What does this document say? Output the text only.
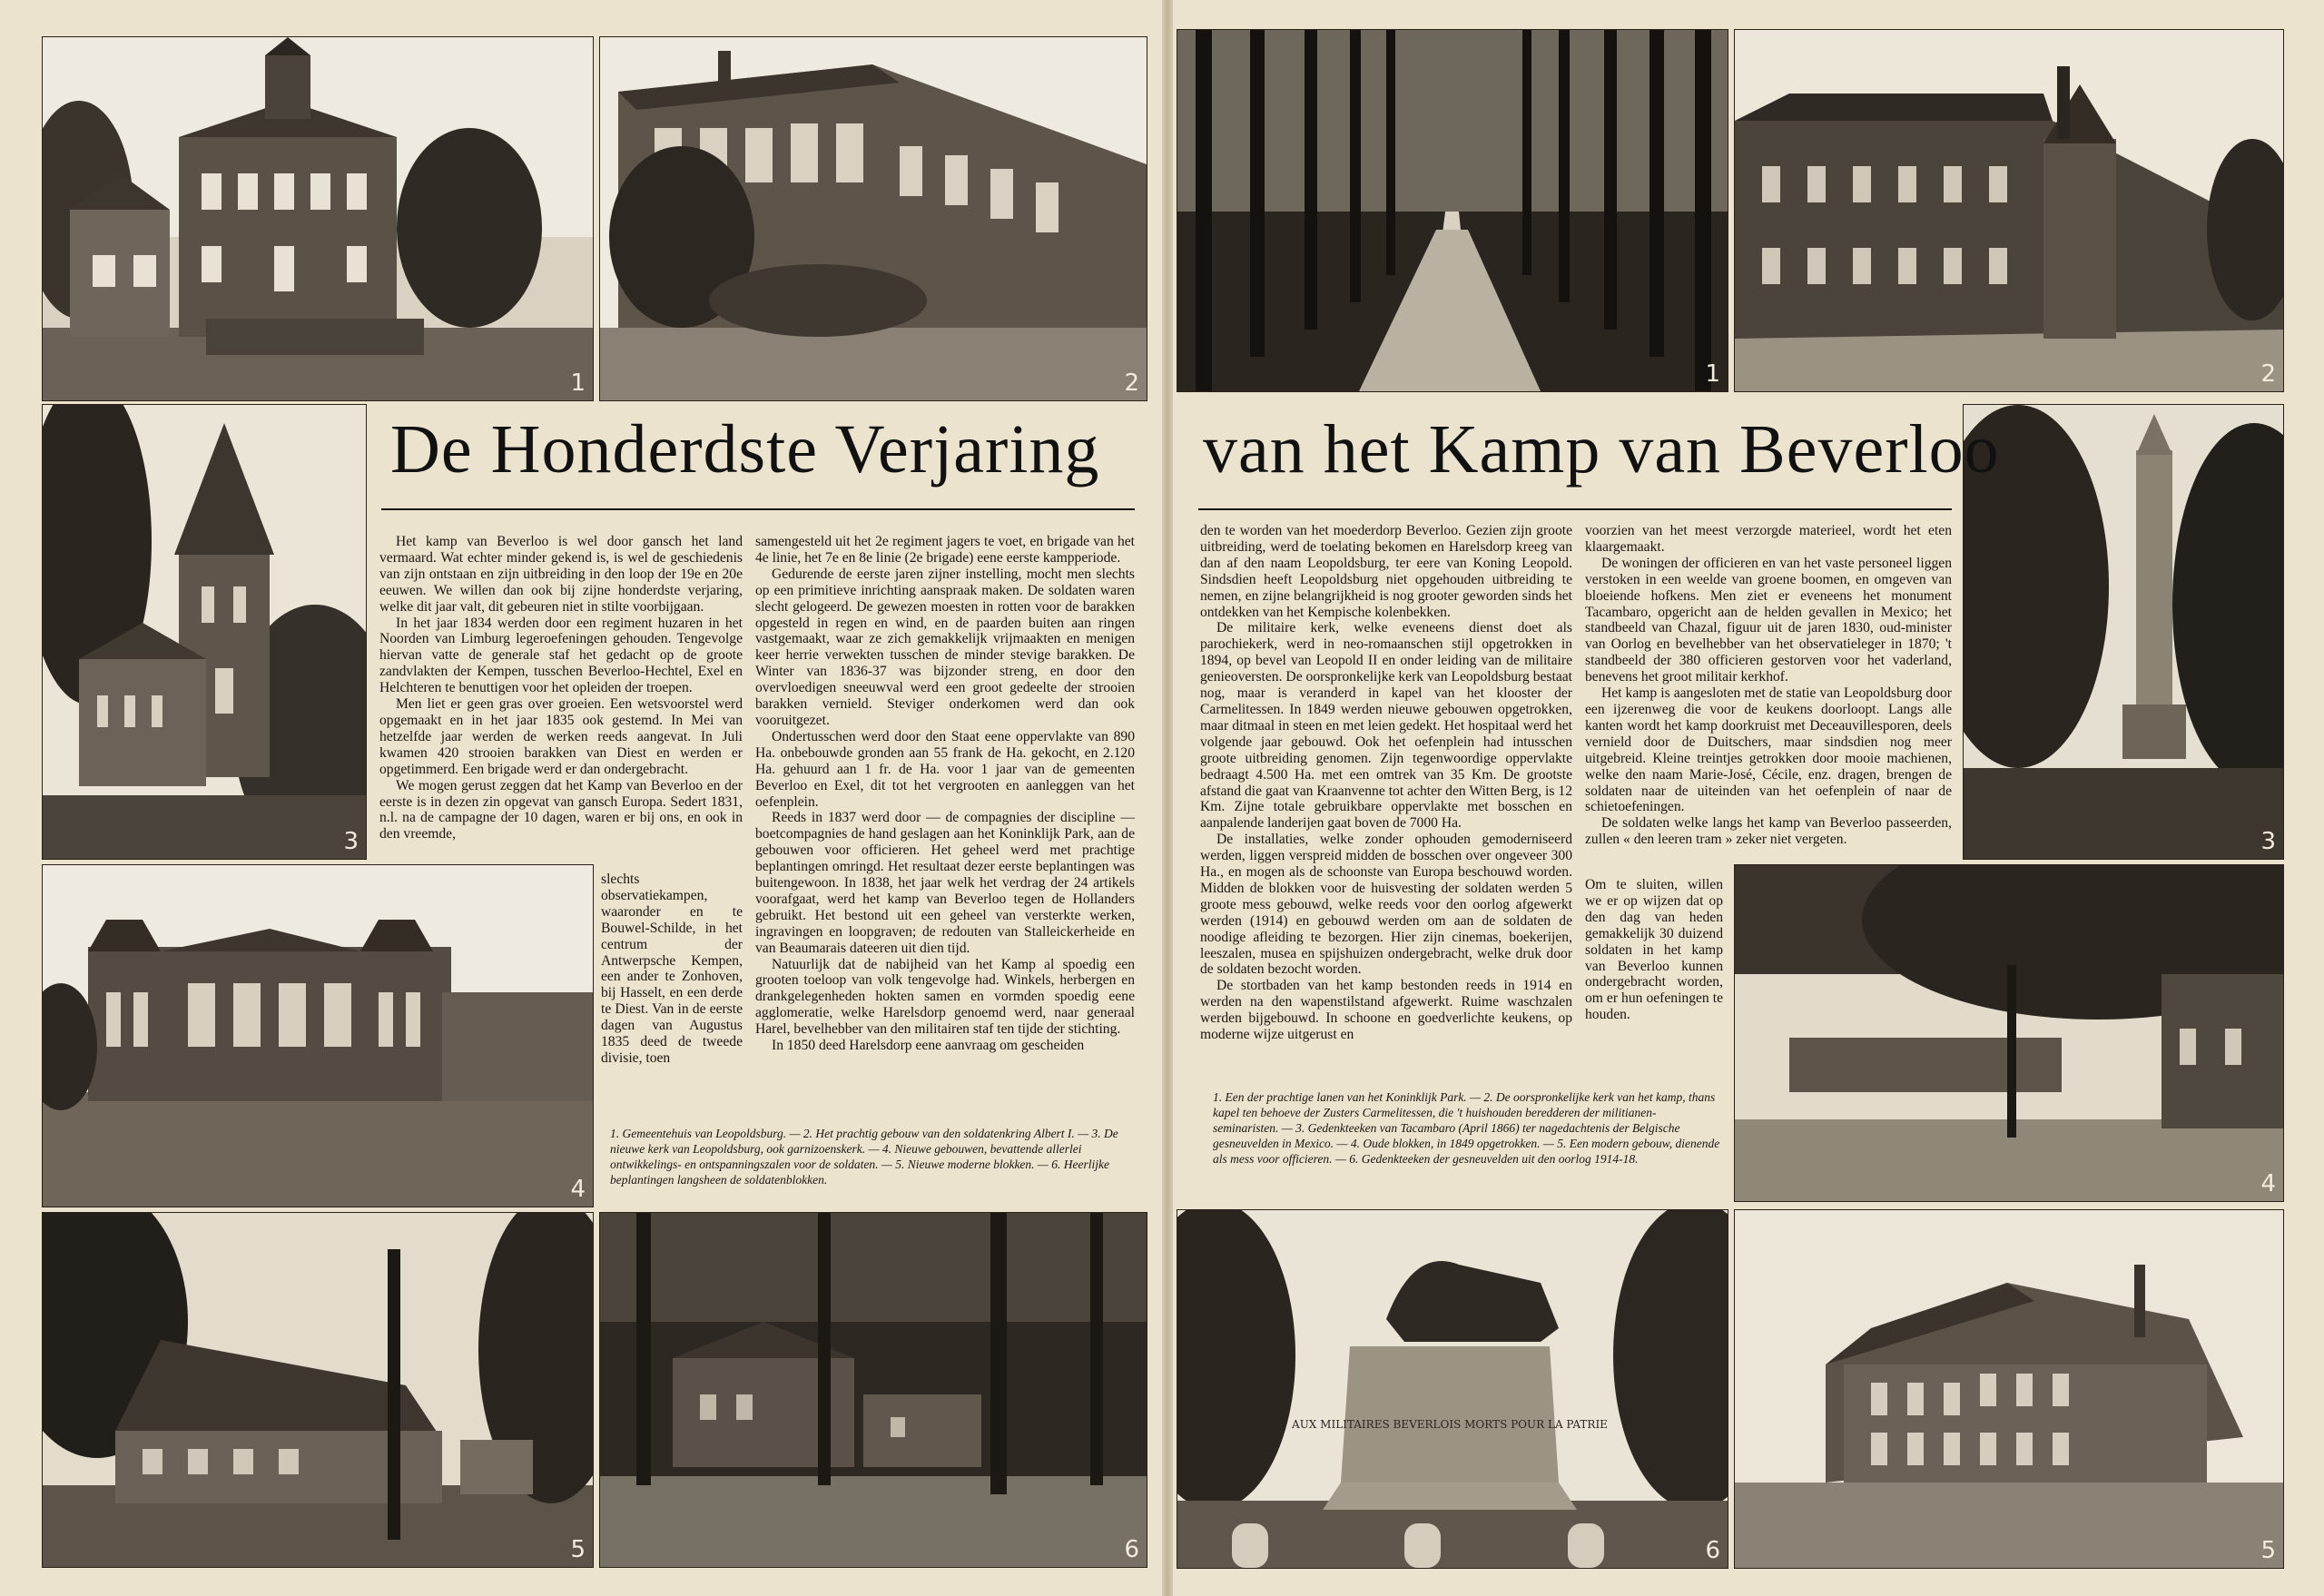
1	2
3
4
5	6
De Honderdste Verjaring

Het kamp van Beverloo is wel door gansch het land vermaard. Wat echter minder gekend is, is wel de geschiedenis van zijn ontstaan en zijn uitbreiding in den loop der 19e en 20e eeuwen. We willen dan ook bij zijne honderdste verjaring, welke dit jaar valt, dit gebeuren niet in stilte voorbijgaan.

In het jaar 1834 werden door een regiment huzaren in het Noorden van Limburg legeroefeningen gehouden. Tengevolge hiervan vatte de generale staf het gedacht op de groote zandvlakten der Kempen, tusschen Beverloo-Hechtel, Exel en Helchteren te benuttigen voor het opleiden der troepen.

Men liet er geen gras over groeien. Een wetsvoorstel werd opgemaakt en in het jaar 1835 ook gestemd. In Mei van hetzelfde jaar werden de werken reeds aangevat. In Juli kwamen 420 strooien barakken van Diest en werden er opgetimmerd. Een brigade werd er dan ondergebracht.

We mogen gerust zeggen dat het Kamp van Beverloo en der eerste is in dezen zin opgevat van gansch Europa. Sedert 1831, n.l. na de campagne der 10 dagen, waren er bij ons, en ook in den vreemde,

slechts observatiekampen, waaronder en te Bouwel-Schilde, in het centrum der Antwerpsche Kempen, een ander te Zonhoven, bij Hasselt, en een derde te Diest. Van in de eerste dagen van Augustus 1835 deed de tweede divisie, toen

samengesteld uit het 2e regiment jagers te voet, en brigade van het 4e linie, het 7e en 8e linie (2e brigade) eene eerste kampperiode.

Gedurende de eerste jaren zijner instelling, mocht men slechts op een primitieve inrichting aanspraak maken. De soldaten waren slecht gelogeerd. De gewezen moesten in rotten voor de barakken opgesteld in regen en wind, en de paarden buiten aan ringen vastgemaakt, waar ze zich gemakkelijk vrijmaakten en menigen keer herrie verwekten tusschen de minder stevige barakken. De Winter van 1836-37 was bijzonder streng, en door den overvloedigen sneeuwval werd een groot gedeelte der strooien barakken vernield. Steviger onderkomen werd dan ook vooruitgezet.

Ondertusschen werd door den Staat eene oppervlakte van 890 Ha. onbebouwde gronden aan 55 frank de Ha. gekocht, en 2.120 Ha. gehuurd aan 1 fr. de Ha. voor 1 jaar van de gemeenten Beverloo en Exel, dit tot het vergrooten en aanleggen van het oefenplein.

Reeds in 1837 werd door — de compagnies der discipline — boetcompagnies de hand geslagen aan het Koninklijk Park, aan de gebouwen voor officieren. Het geheel werd met prachtige beplantingen omringd. Het resultaat dezer eerste beplantingen was buitengewoon. In 1838, het jaar welk het verdrag der 24 artikels voorafgaat, werd het kamp van Beverloo tegen de Hollanders gebruikt. Het bestond uit een geheel van versterkte werken, ingravingen en loopgraven; de redouten van Stalleickerheide en van Beaumarais dateeren uit dien tijd.

Natuurlijk dat de nabijheid van het Kamp al spoedig een grooten toeloop van volk tengevolge had. Winkels, herbergen en drankgelegenheden hokten samen en vormden spoedig eene agglomeratie, welke Harelsdorp genoemd werd, naar generaal Harel, bevelhebber van den militairen staf ten tijde der stichting.

In 1850 deed Harelsdorp eene aanvraag om gescheiden

1. Gemeentehuis van Leopoldsburg. — 2. Het prachtig gebouw van den soldatenkring Albert I. — 3. De nieuwe kerk van Leopoldsburg, ook garnizoenskerk. — 4. Nieuwe gebouwen, bevattende allerlei ontwikkelings- en ontspanningszalen voor de soldaten. — 5. Nieuwe moderne blokken. — 6. Heerlijke beplantingen langsheen de soldatenblokken.
1	2
3
4
5
AUX MILITAIRES BEVERLOIS MORTS POUR LA PATRIE
6
van het Kamp van Beverloo

den te worden van het moederdorp Beverloo. Gezien zijn groote uitbreiding, werd de toelating bekomen en Harelsdorp kreeg van dan af den naam Leopoldsburg, ter eere van Koning Leopold. Sindsdien heeft Leopoldsburg niet opgehouden uitbreiding te nemen, en zijne belangrijkheid is nog grooter geworden sinds het ontdekken van het Kempische kolenbekken.

De militaire kerk, welke eveneens dienst doet als parochiekerk, werd in neo-romaanschen stijl opgetrokken in 1894, op bevel van Leopold II en onder leiding van de militaire genieoversten. De oorspronkelijke kerk van Leopoldsburg bestaat nog, maar is veranderd in kapel van het klooster der Carmelitessen. In 1849 werden nieuwe gebouwen opgetrokken, maar ditmaal in steen en met leien gedekt. Het hospitaal werd het volgende jaar gebouwd. Ook het oefenplein had intusschen groote uitbreiding genomen. Zijn tegenwoordige oppervlakte bedraagt 4.500 Ha. met een omtrek van 35 Km. De grootste afstand die gaat van Kraanvenne tot achter den Witten Berg, is 12 Km. Zijne totale gebruikbare oppervlakte met bosschen en aanpalende landerijen gaat boven de 7000 Ha.

De installaties, welke zonder ophouden gemoderniseerd werden, liggen verspreid midden de bosschen over ongeveer 300 Ha., en mogen als de schoonste van Europa beschouwd worden. Midden de blokken voor de huisvesting der soldaten werden 5 groote mess gebouwd, welke reeds voor den oorlog afgewerkt werden (1914) en gebouwd werden om aan de soldaten de noodige afleiding te bezorgen. Hier zijn cinemas, boekerijen, leeszalen, musea en spijshuizen ondergebracht, welke druk door de soldaten bezocht worden.

De stortbaden van het kamp bestonden reeds in 1914 en werden na den wapenstilstand afgewerkt. Ruime waschzalen werden bijgebouwd. In schoone en goedverlichte keukens, op moderne wijze uitgerust en

voorzien van het meest verzorgde materieel, wordt het eten klaargemaakt.

De woningen der officieren en van het vaste personeel liggen verstoken in een weelde van groene boomen, en omgeven van bloeiende hofkens. Men ziet er eveneens het monument Tacambaro, opgericht aan de helden gevallen in Mexico; het standbeeld van Chazal, figuur uit de jaren 1830, oud-minister van Oorlog en bevelhebber van het observatieleger in 1870; 't standbeeld der 380 officieren gestorven voor het vaderland, benevens het groot militair kerkhof.

Het kamp is aangesloten met de statie van Leopoldsburg door een ijzerenweg die voor de keukens doorloopt. Langs alle kanten wordt het kamp doorkruist met Deceauvillesporen, deels vernield door de Duitschers, maar sindsdien nog meer uitgebreid. Kleine treintjes getrokken door mooie machienen, welke den naam Marie-José, Cécile, enz. dragen, brengen de soldaten naar de uiteinden van het oefenplein of naar de schietoefeningen.

De soldaten welke langs het kamp van Beverloo passeerden, zullen « den leeren tram » zeker niet vergeten.

Om te sluiten, willen we er op wijzen dat op den dag van heden gemakkelijk 30 duizend soldaten in het kamp van Beverloo kunnen ondergebracht worden, om er hun oefeningen te houden.

1. Een der prachtige lanen van het Koninklijk Park. — 2. De oorspronkelijke kerk van het kamp, thans kapel ten behoeve der Zusters Carmelitessen, die 't huishouden beredderen der militianen-seminaristen. — 3. Gedenkteeken van Tacambaro (April 1866) ter nagedachtenis der Belgische gesneuvelden in Mexico. — 4. Oude blokken, in 1849 opgetrokken. — 5. Een modern gebouw, dienende als mess voor officieren. — 6. Gedenkteeken der gesneuvelden uit den oorlog 1914-18.
